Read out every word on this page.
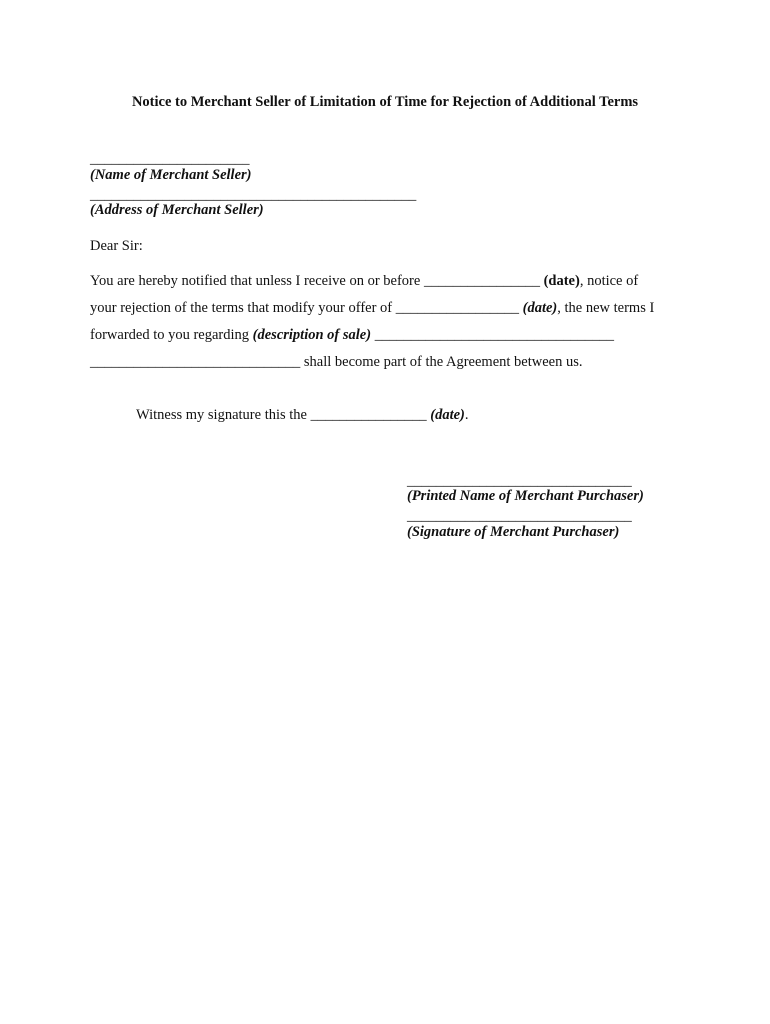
Notice to Merchant Seller of Limitation of Time for Rejection of Additional Terms
______________________
(Name of Merchant Seller)
_____________________________________________
(Address of Merchant Seller)
Dear Sir:
You are hereby notified that unless I receive on or before ________________ (date), notice of
your rejection of the terms that modify your offer of _________________ (date), the new terms I
forwarded to you regarding (description of sale) _________________________________
_____________________________ shall become part of the Agreement between us.
Witness my signature this the ________________ (date).
_______________________________
(Printed Name of Merchant Purchaser)
_______________________________
(Signature of Merchant Purchaser)
